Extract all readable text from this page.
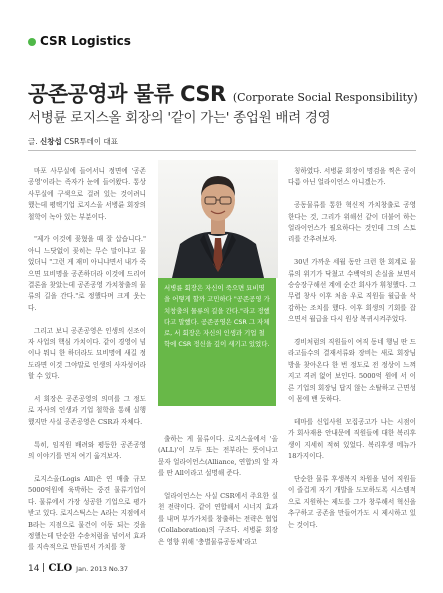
CSR Logistics
공존공영과 물류 CSR (Corporate Social Responsibility)
서병륜 로지스올 회장의 '같이 가는' 종업원 배려 경영
글. 신창섭 CSR투데이 대표

마포 사무실에 들어서니 정면에 '공존공영'이라는 족자가 눈에 들어왔다. 통상 사무실에 구색으로 걸려 있는 것이려니 했는데 평택기업 로지스올 서병륜 회장의 철학이 녹아 있는 부분이다.

"제가 이것에 꽂혔을 때 잘 삽습니다." 아니 느닷없이 꽂히는 무슨 말이냐고 물었더니 "그런 게 재미 아니냐면서 내가 죽으면 묘비명을 공존하더라 이것에 드리어 결론을 찾았는데 공존공영 가치창출의 물류의 길을 간다."로 정했다며 크게 웃는다.

그리고 보니 공존공영은 인생의 신조이자 사업의 핵심 가치이다. 같이 경영이 넘이나 뭐니 한 하더라도 묘비명에 새길 정도라면 이것 그야말로 인생의 사자성어라 할 수 있다.

서 회장은 공존공영의 의미를 그 정도로 자사의 인생과 기업 철학을 통해 실행했지만 사실 공존공영은 CSR과 자체다.

특히, 임직원 배려와 평등한 공존공영의 이야기를 먼저 여기 옮겨보자.

로지스올(Logis All)은 연 매출 규모 5000억원에 육박하는 중견 물류기업이다. 물류에서 가장 성공한 기업으로 평가받고 있다. 로지스틱스는 A라는 지점에서 B라는 지점으로 물건이 이동 되는 것을 정했는데 단순한 수송처럼을 넘어서 효과를 지속적으로 만들면서 가치를 창

서병륜 회장은 자신이 죽으면 묘비명을 어떻게 할까 고민하다 "공존공영 가치창출의 물류의 길을 간다."라고 정했다고 말했다. 공존공영은 CSR 그 자체로, 서 회장은 자신의 인생과 기업 철학에 CSR 정신을 깊이 새기고 있었다.

출하는 게 물류이다. 로지스올에서 '올(ALL)'이 모두 또는 전부라는 뜻이나고 묻자 얼라이언스(Alliance, 연합)의 앞 자를 딴 All이라고 설명해 준다.

얼라이언스는 사실 CSR에서 주요한 실천 전략이다. 같이 연합해서 시너지 효과를 내며 부가가치를 창출하는 전략은 협업(Collaboration)의 구조다. 서병륜 회장은 영향 위해 '충별물류공동체'라고

칭하였다. 서병륜 회장이 명검을 찍은 공이 다름 아닌 얼라이언스 아니겠는가.

공동물류를 통한 혁신적 가치창출로 공영한다는 것, 그리가 위해선 같이 더불어 하는 얼라이언스가 필요하다는 것인데 그의 스토리를 간추려보자.

30년 가까운 세월 동안 크런 한 회계로 물류의 위기가 닥쳤고 수백억의 손실을 보면서 승승장구해선 계에 순간 회사가 휘청했다. 그 무렵 창사 이후 처음 우로 직원들 월급을 삭감하는 조치를 했다. 이후 회생의 기회를 잡으면서 월급을 다시 원상 복귀시켜주었다.

경비처럼의 직원들이 여직 동네 행님 딴 드라고들수의 결재서류와 장비는 새로 회장님 방을 찾아온다 한 번 정도로 전 정상이 느껴지고 격려 없어 보인다. 5000억 원에 서 이른 기업의 회장님 답지 않는 소탈하고 근면성이 몸에 밴 듯하다.

테마를 신입사원 모집공고가 나는 시점이가 회사재용 안내문에 직원들에 대한 복리후생이 지세히 적혀 있었다. 복리후생 메뉴가 18가지이다.

단순한 물류 후생복지 차원을 넘어 직원들이 즐겁게 자기 개발을 도모하도록 시스템적으로 지원하는 제도를 그가 창루해서 혁신을 추구하고 공존을 만들어가도 시 제시하고 있는 것이다.

14 CLO Jan. 2013 No.37
